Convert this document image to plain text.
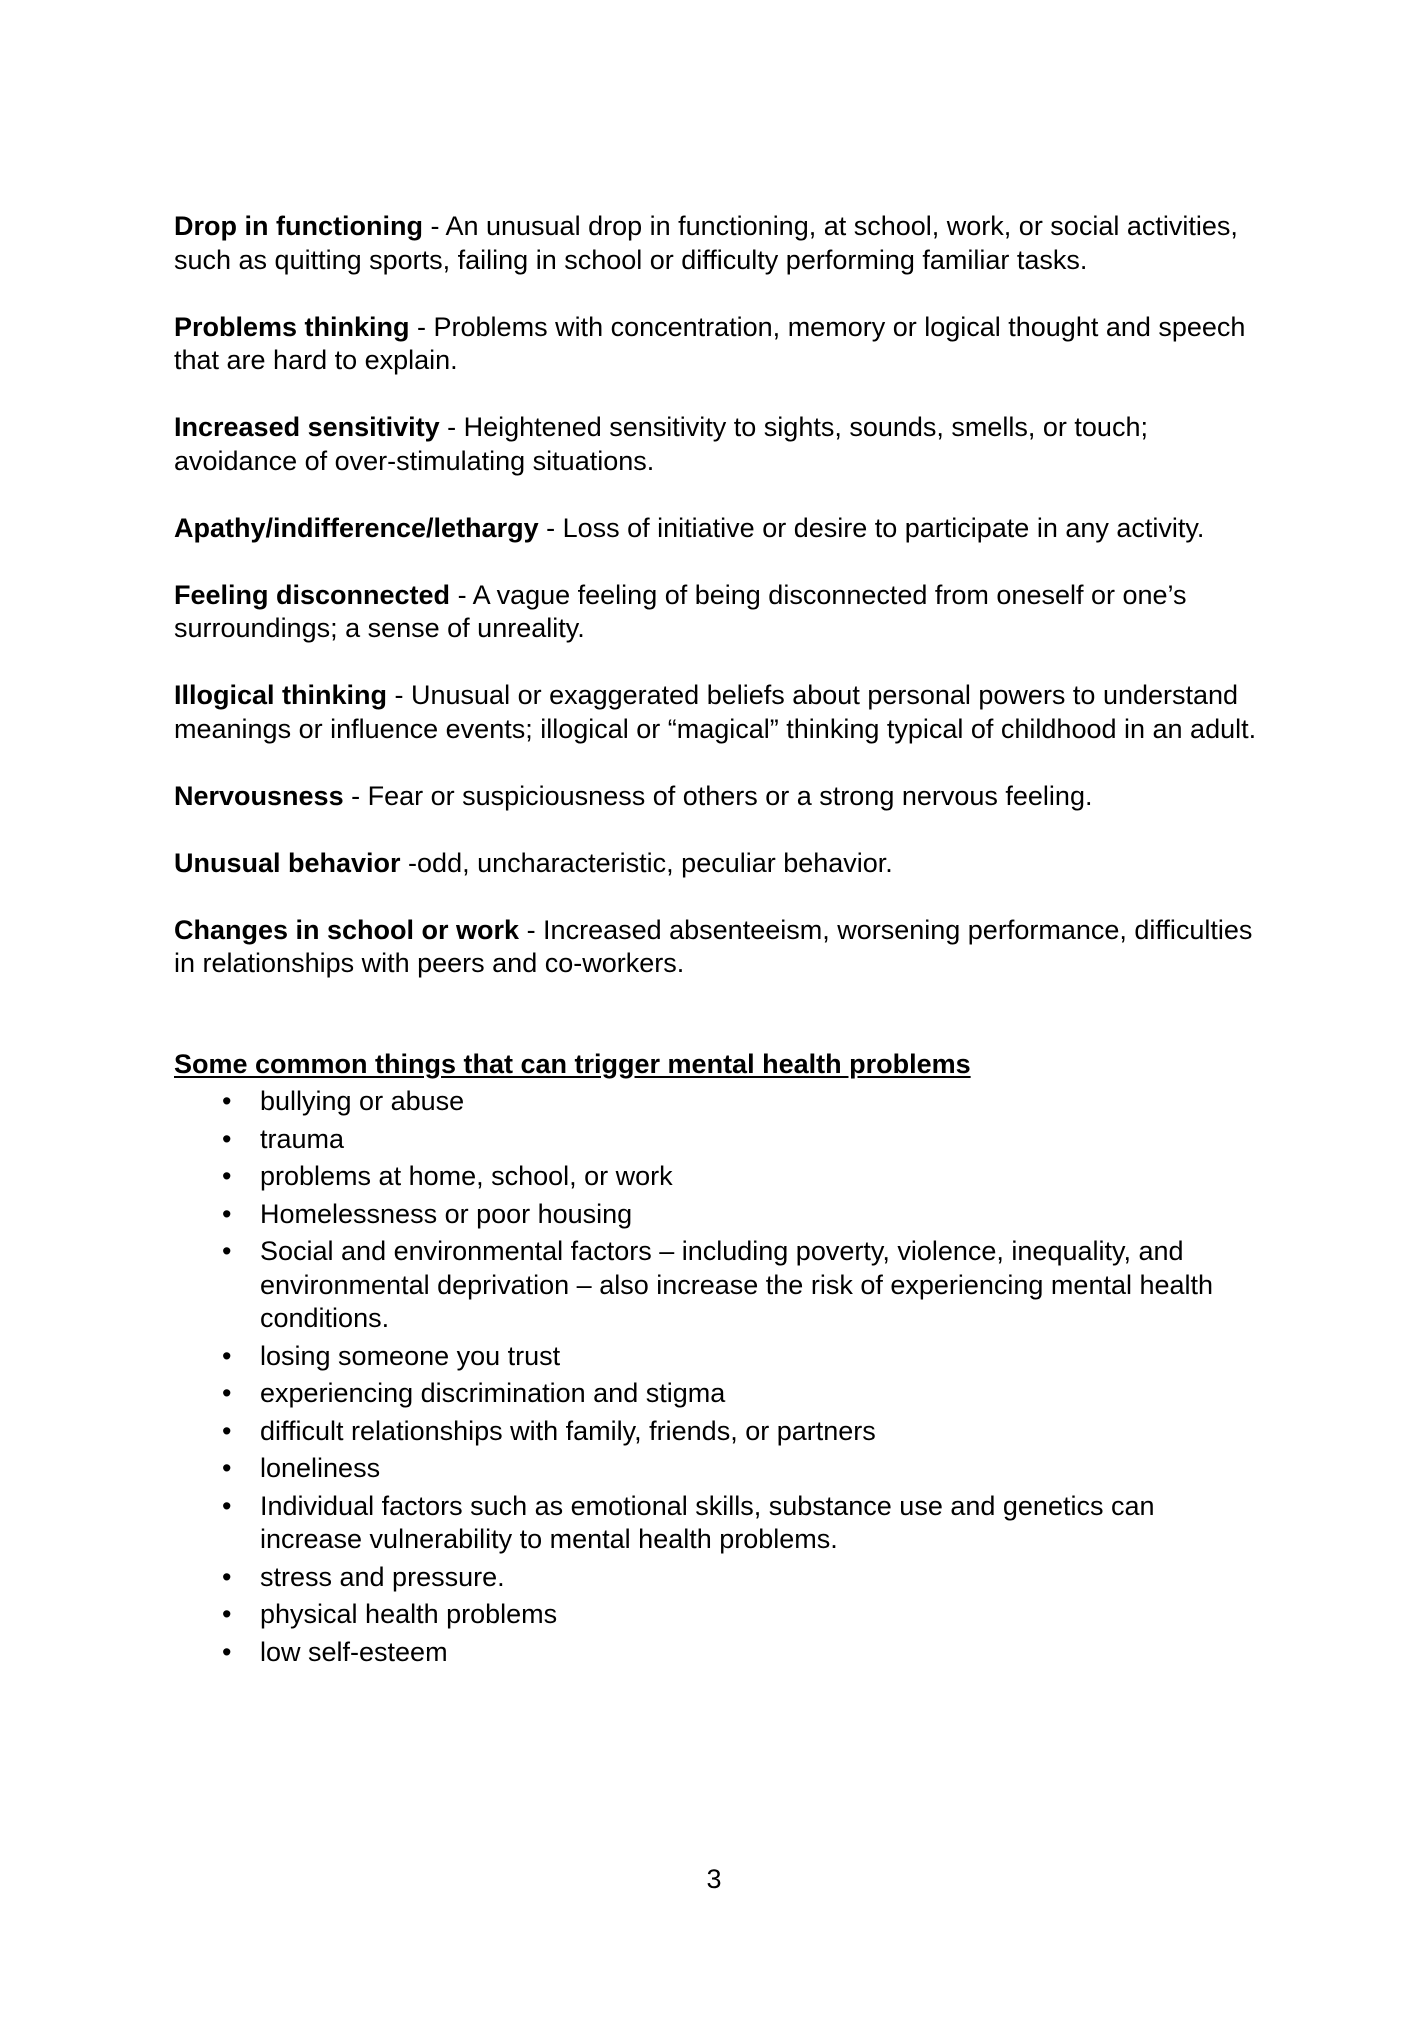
Drop in functioning - An unusual drop in functioning, at school, work, or social activities, such as quitting sports, failing in school or difficulty performing familiar tasks.

Problems thinking - Problems with concentration, memory or logical thought and speech that are hard to explain.

Increased sensitivity - Heightened sensitivity to sights, sounds, smells, or touch; avoidance of over-stimulating situations.

Apathy/indifference/lethargy - Loss of initiative or desire to participate in any activity.

Feeling disconnected - A vague feeling of being disconnected from oneself or one’s surroundings; a sense of unreality.

Illogical thinking - Unusual or exaggerated beliefs about personal powers to understand meanings or influence events; illogical or “magical” thinking typical of childhood in an adult.

Nervousness - Fear or suspiciousness of others or a strong nervous feeling.

Unusual behavior -odd, uncharacteristic, peculiar behavior.

Changes in school or work - Increased absenteeism, worsening performance, difficulties in relationships with peers and co-workers.

Some common things that can trigger mental health problems
• bullying or abuse
• trauma
• problems at home, school, or work
• Homelessness or poor housing
• Social and environmental factors – including poverty, violence, inequality, and environmental deprivation – also increase the risk of experiencing mental health conditions.
• losing someone you trust
• experiencing discrimination and stigma
• difficult relationships with family, friends, or partners
• loneliness
• Individual factors such as emotional skills, substance use and genetics can increase vulnerability to mental health problems.
• stress and pressure.
• physical health problems
• low self-esteem
3
